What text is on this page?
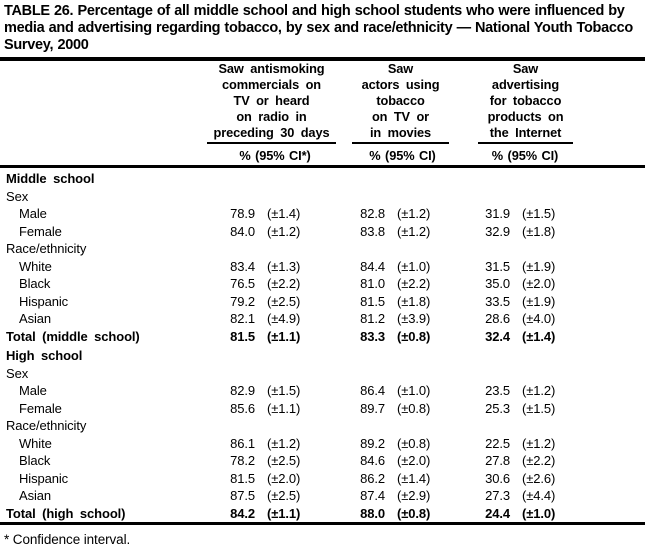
TABLE 26. Percentage of all middle school and high school students who were influenced by media and advertising regarding tobacco, by sex and race/ethnicity — National Youth Tobacco Survey, 2000

Saw antismoking
commercials on
TV or heard
on radio in
preceding 30 days

Saw
actors using
tobacco
on TV or
in movies

Saw
advertising
for tobacco
products on
the Internet

	% (95% CI*)		% (95% CI)		% (95% CI)		
Middle school							
Sex							
Male	78.9	(±1.4)	82.8	(±1.2)	31.9	(±1.5)	
Female	84.0	(±1.2)	83.8	(±1.2)	32.9	(±1.8)	
Race/ethnicity							
White	83.4	(±1.3)	84.4	(±1.0)	31.5	(±1.9)	
Black	76.5	(±2.2)	81.0	(±2.2)	35.0	(±2.0)	
Hispanic	79.2	(±2.5)	81.5	(±1.8)	33.5	(±1.9)	
Asian	82.1	(±4.9)	81.2	(±3.9)	28.6	(±4.0)	
Total (middle school)	81.5	(±1.1)	83.3	(±0.8)	32.4	(±1.4)	
High school							
Sex							
Male	82.9	(±1.5)	86.4	(±1.0)	23.5	(±1.2)	
Female	85.6	(±1.1)	89.7	(±0.8)	25.3	(±1.5)	
Race/ethnicity							
White	86.1	(±1.2)	89.2	(±0.8)	22.5	(±1.2)	
Black	78.2	(±2.5)	84.6	(±2.0)	27.8	(±2.2)	
Hispanic	81.5	(±2.0)	86.2	(±1.4)	30.6	(±2.6)	
Asian	87.5	(±2.5)	87.4	(±2.9)	27.3	(±4.4)	
Total (high school)	84.2	(±1.1)	88.0	(±0.8)	24.4	(±1.0)	
* Confidence interval.
